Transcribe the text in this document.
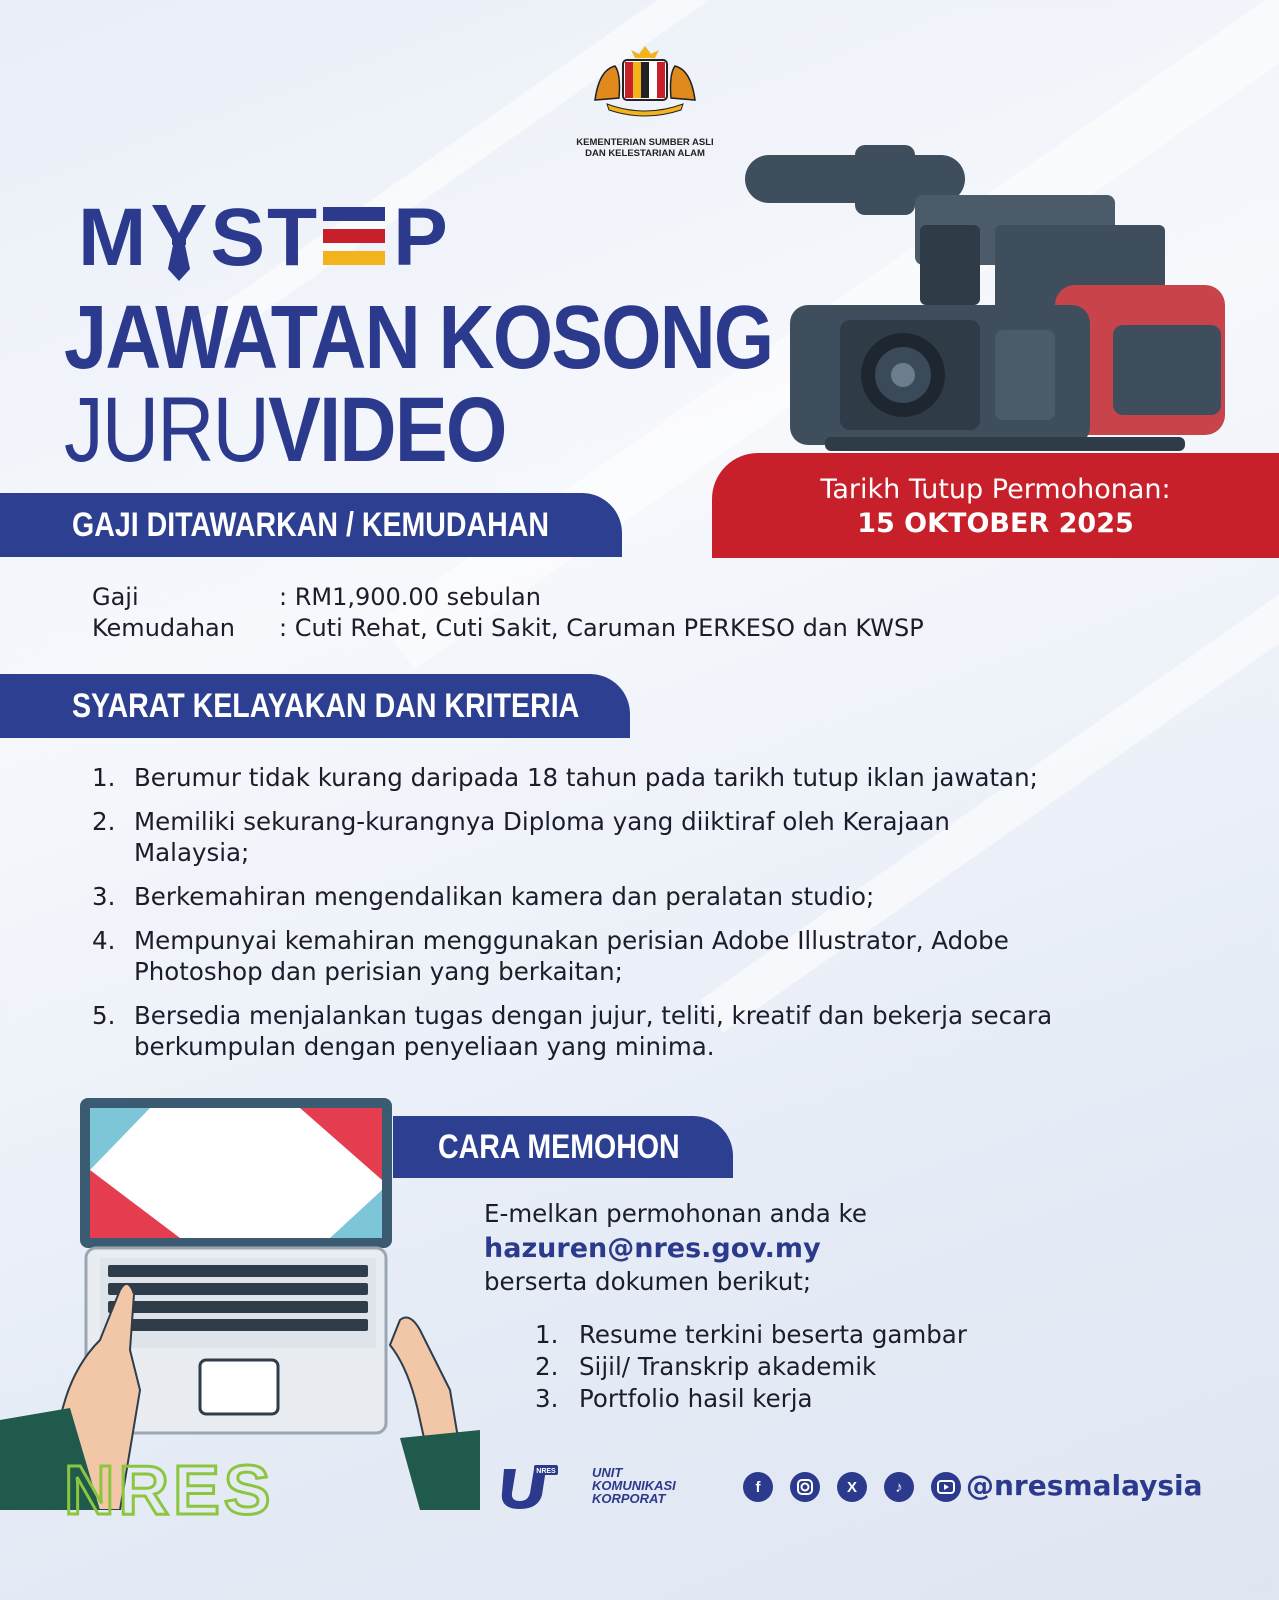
KEMENTERIAN SUMBER ASLI
DAN KELESTARIAN ALAM
M S T P
JAWATAN KOSONG
JURUVIDEO
Tarikh Tutup Permohonan:
15 OKTOBER 2025
GAJI DITAWARKAN / KEMUDAHAN
Gaji	: RM1,900.00 sebulan
Kemudahan : Cuti Rehat, Cuti Sakit, Caruman PERKESO dan KWSP
SYARAT KELAYAKAN DAN KRITERIA
1. Berumur tidak kurang daripada 18 tahun pada tarikh tutup iklan jawatan;
2. Memiliki sekurang-kurangnya Diploma yang diiktiraf oleh Kerajaan Malaysia;
3. Berkemahiran mengendalikan kamera dan peralatan studio;
4. Mempunyai kemahiran menggunakan perisian Adobe Illustrator, Adobe Photoshop dan perisian yang berkaitan;
5. Bersedia menjalankan tugas dengan jujur, teliti, kreatif dan bekerja secara berkumpulan dengan penyeliaan yang minima.
CARA MEMOHON
E-melkan permohonan anda ke
hazuren@nres.gov.my
berserta dokumen berikut;
1. Resume terkini beserta gambar
2. Sijil/ Transkrip akademik
3. Portfolio hasil kerja
NRES	NRES	UNIT
KOMUNIKASI
KORPORAT
f	X	♪	@nresmalaysia
